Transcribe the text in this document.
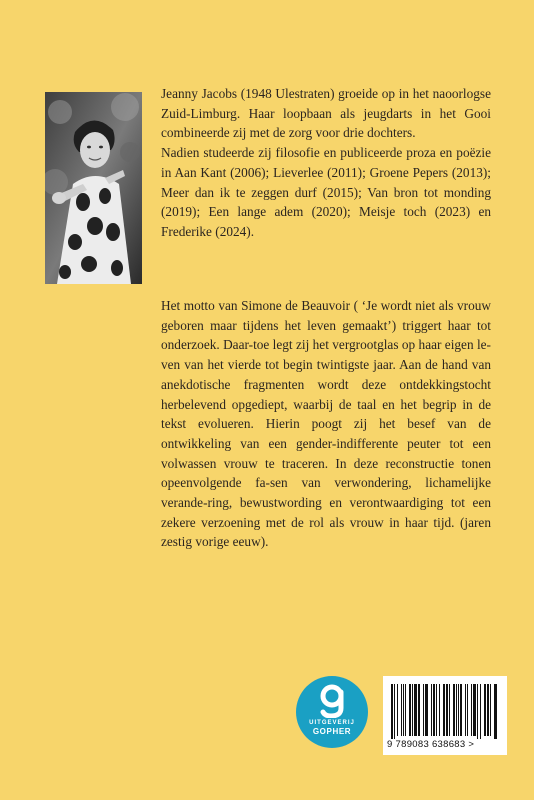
Jeanny Jacobs (1948 Ulestraten) groeide op in het naoorlogse Zuid-Limburg. Haar loopbaan als jeugdarts in het Gooi combineerde zij met de zorg voor drie dochters.

Nadien studeerde zij filosofie en publiceerde proza en poëzie in Aan Kant (2006); Lieverlee (2011); Groene Pepers (2013); Meer dan ik te zeggen durf (2015); Van bron tot monding (2019); Een lange adem (2020); Meisje toch (2023) en Frederike (2024).

Het motto van Simone de Beauvoir ( ‘Je wordt niet als vrouw geboren maar tijdens het leven gemaakt’) triggert haar tot onderzoek. Daar-toe legt zij het vergrootglas op haar eigen le-ven van het vierde tot begin twintigste jaar. Aan de hand van anekdotische fragmenten wordt deze ontdekkingstocht herbelevend opgediept, waarbij de taal en het begrip in de tekst evolueren. Hierin poogt zij het besef van de ontwikkeling van een gender-indifferente peuter tot een volwassen vrouw te traceren. In deze reconstructie tonen opeenvolgende fa-sen van verwondering, lichamelijke verande-ring, bewustwording en verontwaardiging tot een zekere verzoening met de rol als vrouw in haar tijd. (jaren zestig vorige eeuw).

UITGEVERIJ
GOPHER
9 789083 638683 >
